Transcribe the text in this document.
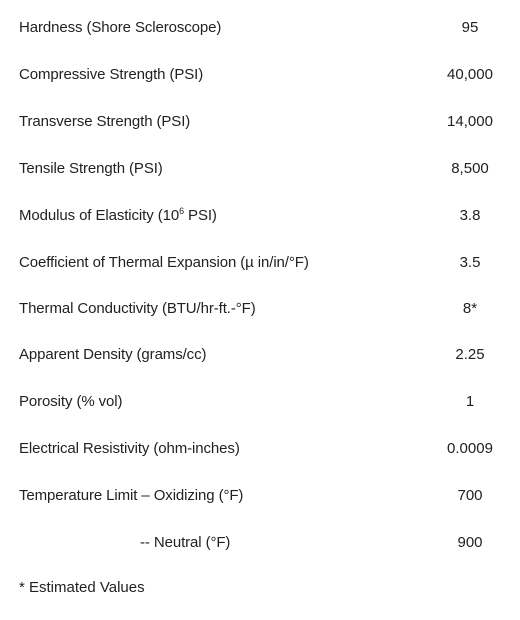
Hardness (Shore Scleroscope)	95
Compressive Strength (PSI)	40,000
Transverse Strength (PSI)	14,000
Tensile Strength (PSI)	8,500
Modulus of Elasticity ($10^6$ PSI)	3.8
Coefficient of Thermal Expansion (µ in/in/°F)	3.5
Thermal Conductivity (BTU/hr-ft.-°F)	8*
Apparent Density (grams/cc)	2.25
Porosity (% vol)	1
Electrical Resistivity (ohm-inches)	0.0009
Temperature Limit – Oxidizing (°F)	700
-- Neutral (°F)	900
* Estimated Values
